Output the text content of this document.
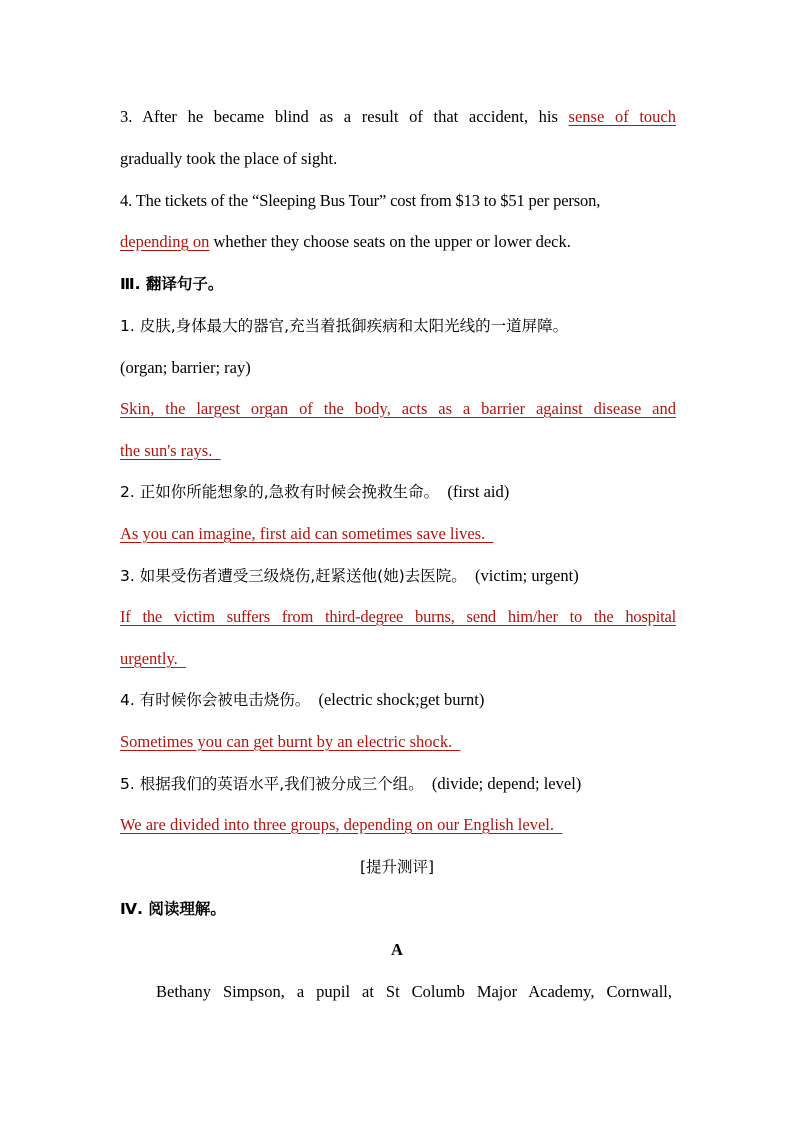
3. After he became blind as a result of that accident, his sense of touch
gradually took the place of sight.
4. The tickets of the “Sleeping Bus Tour” cost from $13 to $51 per person,
depending on whether they choose seats on the upper or lower deck.
Ⅲ. 翻译句子。
1. 皮肤,身体最大的器官,充当着抵御疾病和太阳光线的一道屏障。
(organ; barrier; ray)
Skin, the largest organ of the body, acts as a barrier against disease and
the sun's rays.
2. 正如你所能想象的,急救有时候会挽救生命。 (first aid)
As you can imagine, first aid can sometimes save lives.
3. 如果受伤者遭受三级烧伤,赶紧送他(她)去医院。 (victim; urgent)
If the victim suffers from third-degree burns, send him/her to the hospital
urgently.
4. 有时候你会被电击烧伤。 (electric shock;get burnt)
Sometimes you can get burnt by an electric shock.
5. 根据我们的英语水平,我们被分成三个组。 (divide; depend; level)
We are divided into three groups, depending on our English level.
[提升测评]
Ⅳ. 阅读理解。
A
Bethany Simpson, a pupil at St Columb Major Academy, Cornwall,
